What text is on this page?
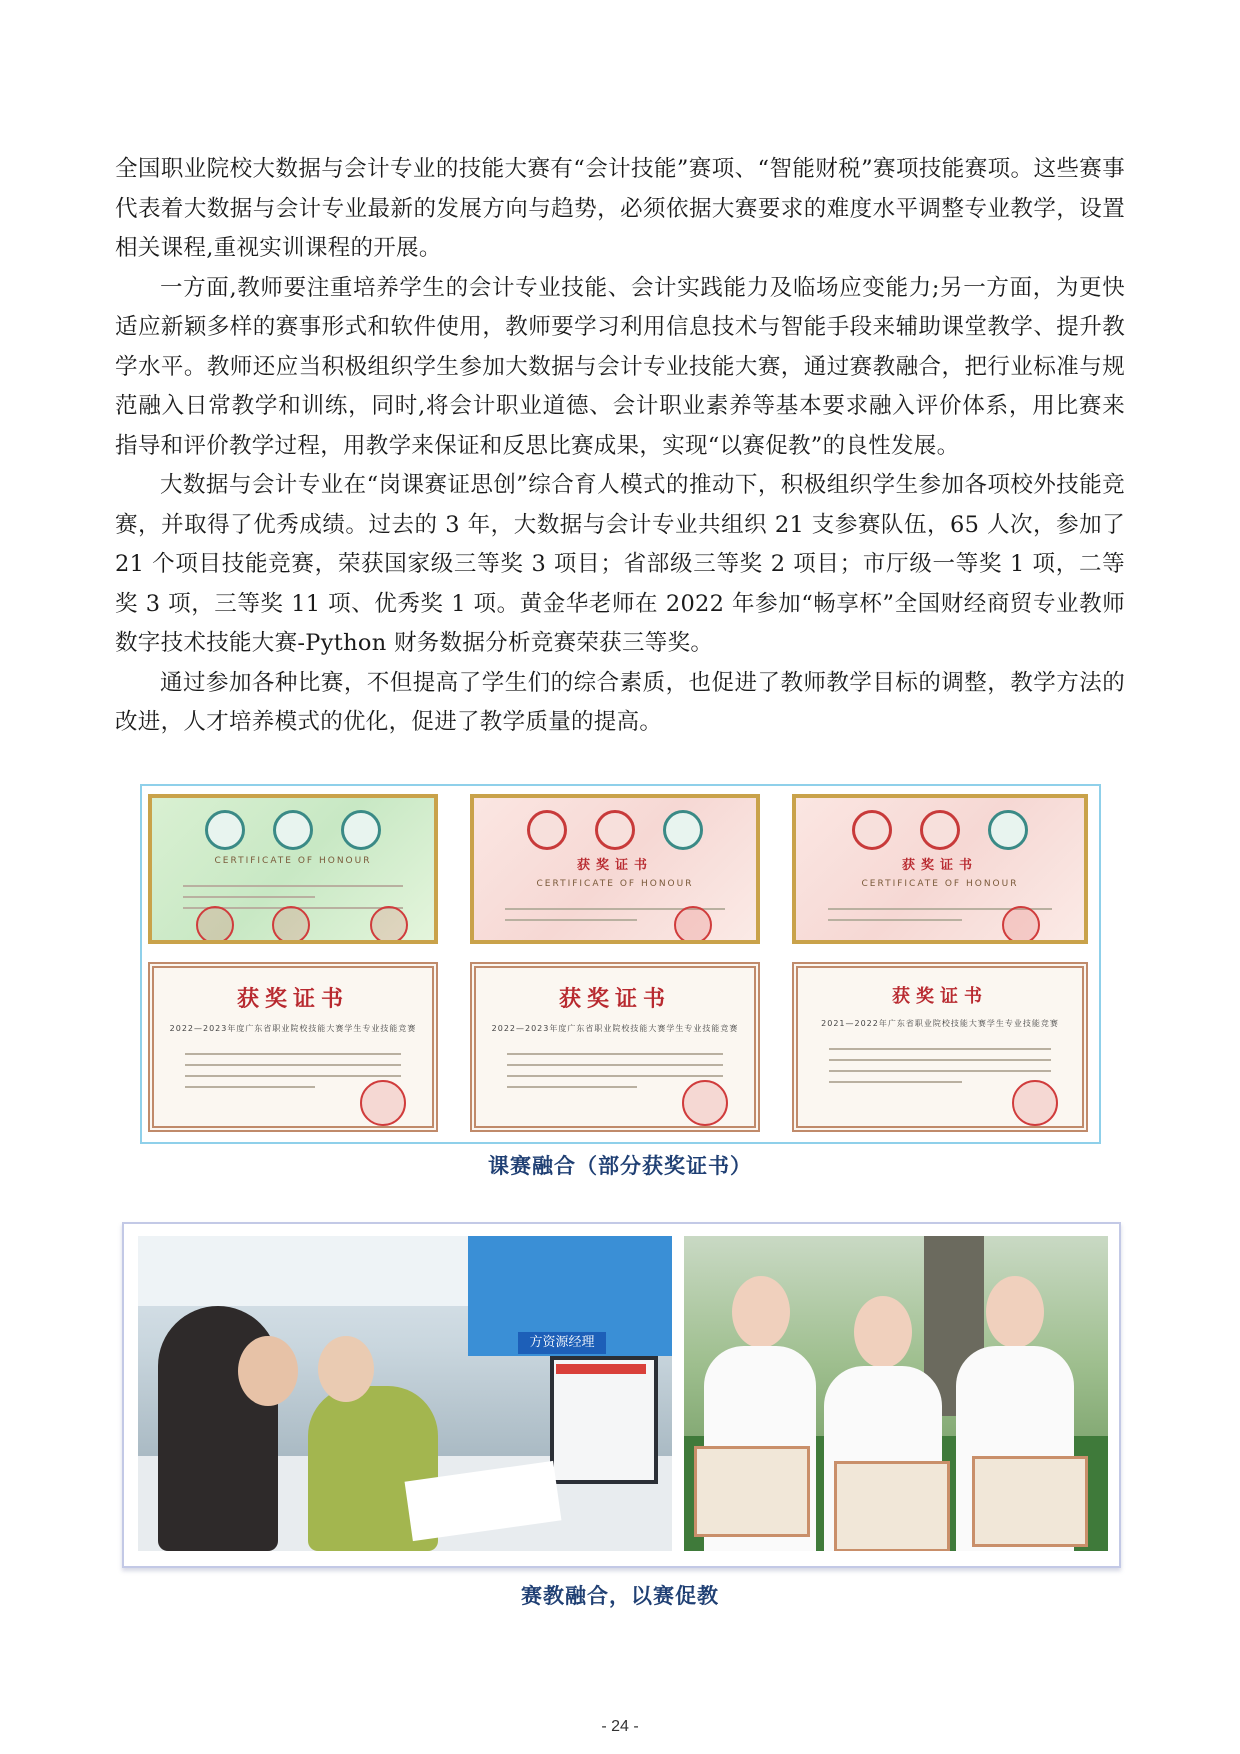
全国职业院校大数据与会计专业的技能大赛有“会计技能”赛项、“智能财税”赛项技能赛项。这些赛事代表着大数据与会计专业最新的发展方向与趋势，必须依据大赛要求的难度水平调整专业教学，设置相关课程,重视实训课程的开展。

一方面,教师要注重培养学生的会计专业技能、会计实践能力及临场应变能力;另一方面，为更快适应新颖多样的赛事形式和软件使用，教师要学习利用信息技术与智能手段来辅助课堂教学、提升教学水平。教师还应当积极组织学生参加大数据与会计专业技能大赛，通过赛教融合，把行业标准与规范融入日常教学和训练，同时,将会计职业道德、会计职业素养等基本要求融入评价体系，用比赛来指导和评价教学过程，用教学来保证和反思比赛成果，实现“以赛促教”的良性发展。

大数据与会计专业在“岗课赛证思创”综合育人模式的推动下，积极组织学生参加各项校外技能竞赛，并取得了优秀成绩。过去的 3 年，大数据与会计专业共组织 21 支参赛队伍，65 人次，参加了 21 个项目技能竞赛，荣获国家级三等奖 3 项目；省部级三等奖 2 项目；市厅级一等奖 1 项，二等奖 3 项，三等奖 11 项、优秀奖 1 项。黄金华老师在 2022 年参加“畅享杯”全国财经商贸专业教师数字技术技能大赛-Python 财务数据分析竞赛荣获三等奖。

通过参加各种比赛，不但提高了学生们的综合素质，也促进了教师教学目标的调整，教学方法的改进，人才培养模式的优化，促进了教学质量的提高。

CERTIFICATE OF HONOUR	获奖证书
CERTIFICATE OF HONOUR
获奖证书
CERTIFICATE OF HONOUR
获奖证书
2022—2023年度广东省职业院校技能大赛学生专业技能竞赛
获奖证书
2022—2023年度广东省职业院校技能大赛学生专业技能竞赛
获奖证书
2021—2022年广东省职业院校技能大赛学生专业技能竞赛
课赛融合（部分获奖证书）
方资源经理
赛教融合，以赛促教
- 24 -
